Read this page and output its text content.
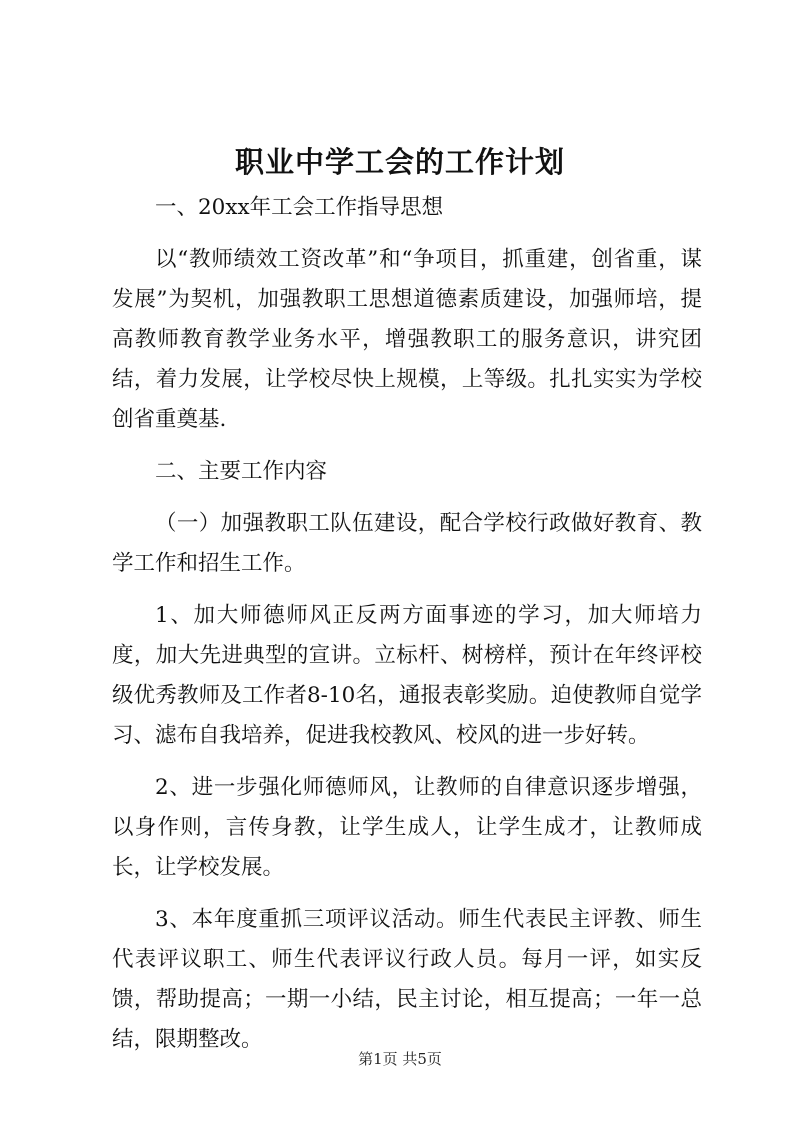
职业中学工会的工作计划

一、20xx年工会工作指导思想

以“教师绩效工资改革”和“争项目，抓重建，创省重，谋发展”为契机，加强教职工思想道德素质建设，加强师培，提高教师教育教学业务水平，增强教职工的服务意识，讲究团结，着力发展，让学校尽快上规模，上等级。扎扎实实为学校创省重奠基.

二、主要工作内容

（一）加强教职工队伍建设，配合学校行政做好教育、教学工作和招生工作。

1、加大师德师风正反两方面事迹的学习，加大师培力度，加大先进典型的宣讲。立标杆、树榜样，预计在年终评校级优秀教师及工作者8-10名，通报表彰奖励。迫使教师自觉学习、滤布自我培养，促进我校教风、校风的进一步好转。

2、进一步强化师德师风，让教师的自律意识逐步增强，以身作则，言传身教，让学生成人，让学生成才，让教师成长，让学校发展。

3、本年度重抓三项评议活动。师生代表民主评教、师生代表评议职工、师生代表评议行政人员。每月一评，如实反馈，帮助提高；一期一小结，民主讨论，相互提高；一年一总结，限期整改。

第1页 共5页
